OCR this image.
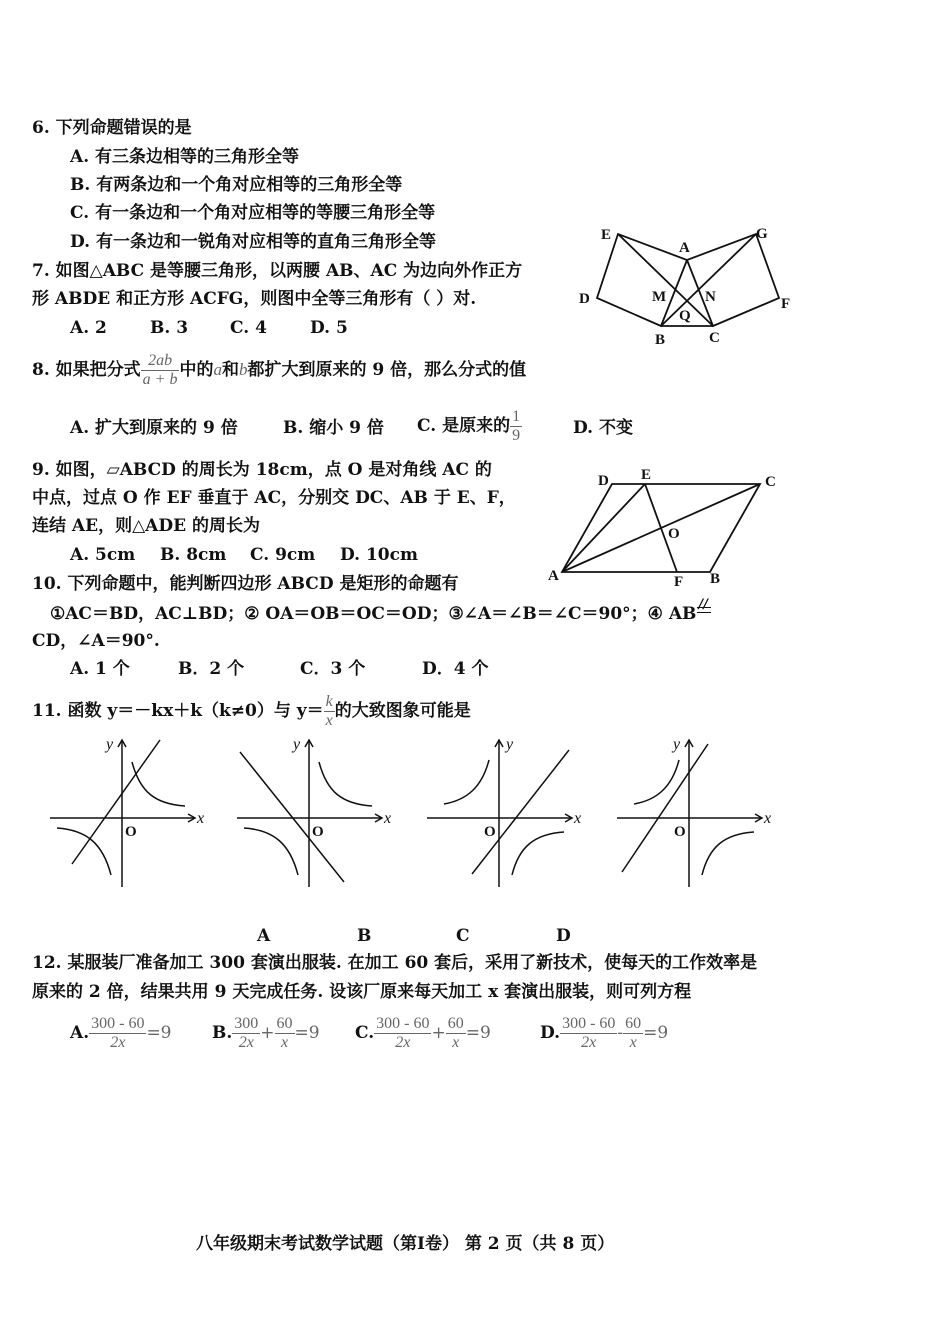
6. 下列命题错误的是
A. 有三条边相等的三角形全等
B. 有两条边和一个角对应相等的三角形全等
C. 有一条边和一个角对应相等的等腰三角形全等
D. 有一条边和一锐角对应相等的直角三角形全等
7. 如图△ABC 是等腰三角形，以两腰 AB、AC 为边向外作正方
形 ABDE 和正方形 ACFG，则图中全等三角形有（ ）对.
A. 2	B. 3 C. 4	D. 5
E
A
G
D	M	N	F
Q
B	C
8. 如果把分式 $\frac{2ab}{a + b}$ 中的a和b都扩大到原来的 9 倍，那么分式的值
A. 扩大到原来的 9 倍	B. 缩小 9 倍 C. 是原来的 $\frac{1}{9}$	D. 不变
9. 如图，▱ABCD 的周长为 18cm，点 O 是对角线 AC 的
中点，过点 O 作 EF 垂直于 AC，分别交 DC、AB 于 E、F，
连结 AE，则△ADE 的周长为
A. 5cm B. 8cm C. 9cm D. 10cm
D E	C
O
A	F B
10. 下列命题中，能判断四边形 ABCD 是矩形的命题有
①AC＝BD，AC⊥BD；② OA＝OB＝OC＝OD；③∠A＝∠B＝∠C＝90°；④ AB //
CD，∠A＝90°.
A. 1 个	B．2 个	C．3 个	D．4 个
11. 函数 y＝－kx＋k（k≠0）与 $y= \frac{k}{x}$ 的大致图象可能是
x
y
O
x
y
O
x
y
O
x
y
O
A	B	C	D
12. 某服装厂准备加工 300 套演出服装. 在加工 60 套后，采用了新技术，使每天的工作效率是
原来的 2 倍，结果共用 9 天完成任务. 设该厂原来每天加工 x 套演出服装，则可列方程
A. $\frac{300 - 60}{2x} =9$ B. $\frac{300}{2x} + \frac{60}{x} =9$ C. $\frac{300 - 60}{2x} + \frac{60}{x} =9$	D. $\frac{300 - 60}{2x} - \frac{60}{x} =9$
八年级期末考试数学试题（第Ⅰ卷） 第 2 页（共 8 页）
